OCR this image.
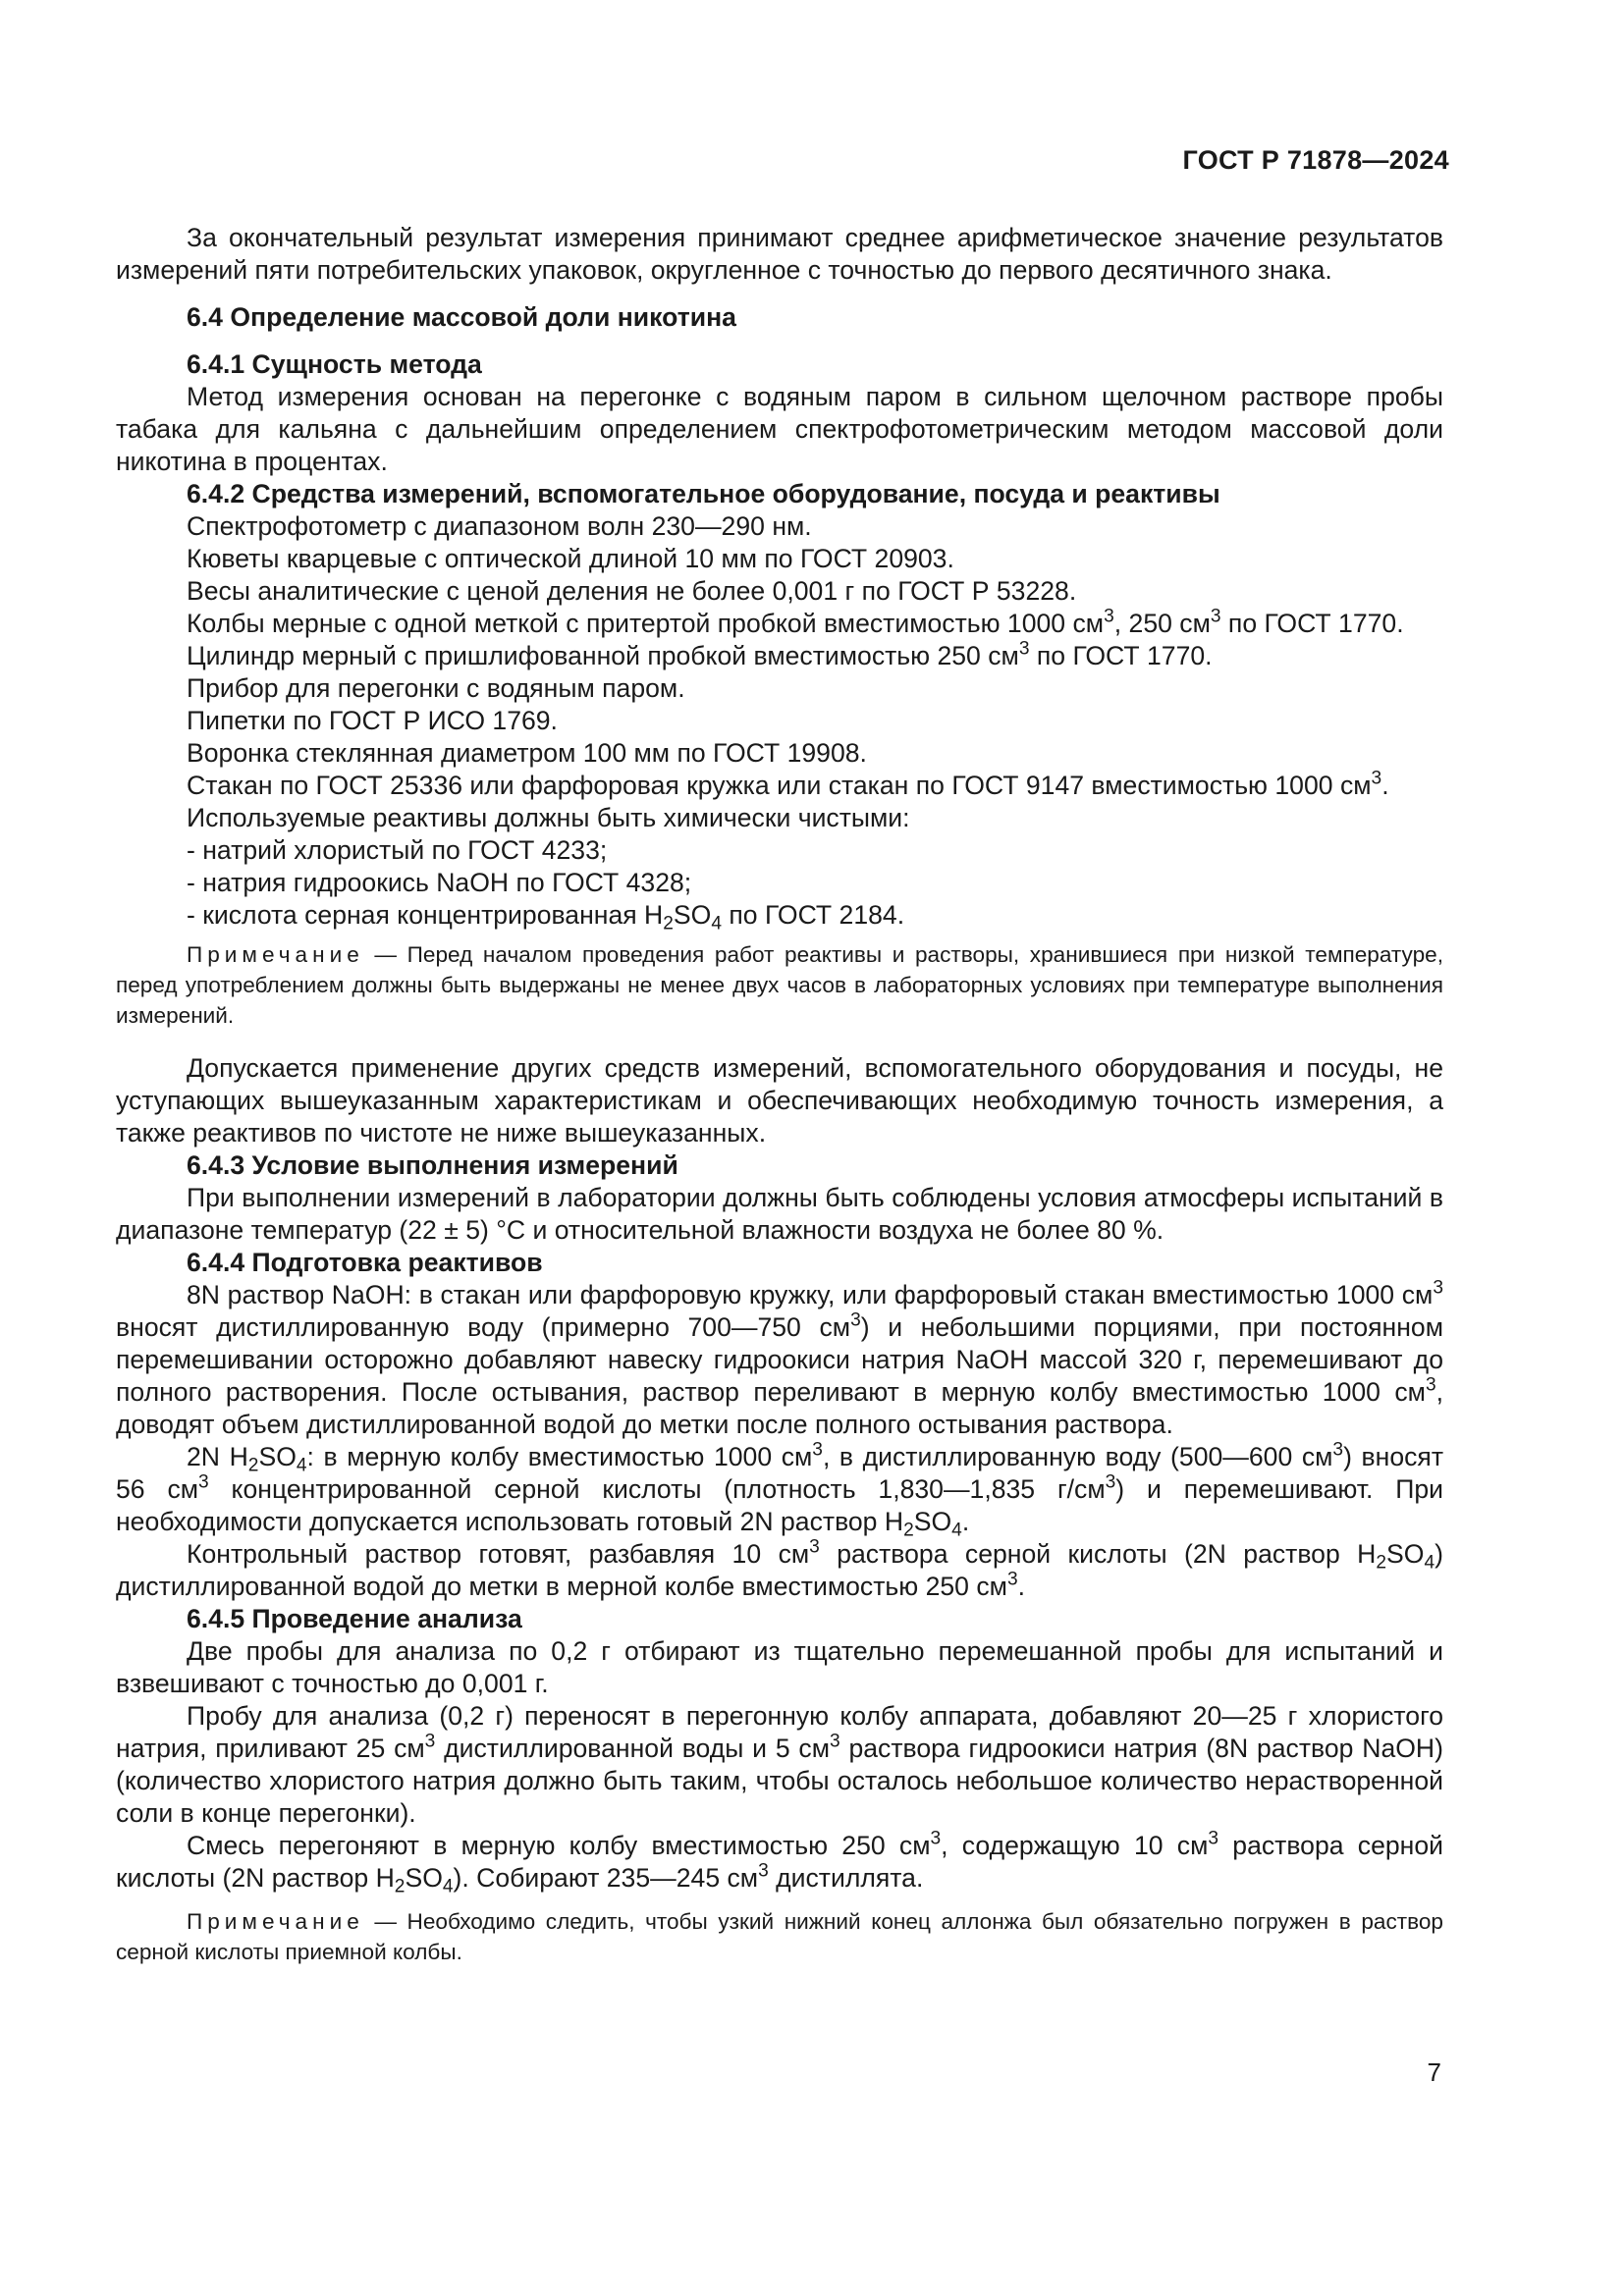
ГОСТ Р 71878—2024

За окончательный результат измерения принимают среднее арифметическое значение результатов измерений пяти потребительских упаковок, округленное с точностью до первого десятичного знака.

6.4 Определение массовой доли никотина

6.4.1 Сущность метода

Метод измерения основан на перегонке с водяным паром в сильном щелочном растворе пробы табака для кальяна с дальнейшим определением спектрофотометрическим методом массовой доли никотина в процентах.

6.4.2 Средства измерений, вспомогательное оборудование, посуда и реактивы

Спектрофотометр с диапазоном волн 230—290 нм.

Кюветы кварцевые с оптической длиной 10 мм по ГОСТ 20903.

Весы аналитические с ценой деления не более 0,001 г по ГОСТ Р 53228.

Колбы мерные с одной меткой с притертой пробкой вместимостью 1000 $см^3$, 250 $см^3$ по ГОСТ 1770.

Цилиндр мерный с пришлифованной пробкой вместимостью 250 $см^3$ по ГОСТ 1770.

Прибор для перегонки с водяным паром.

Пипетки по ГОСТ Р ИСО 1769.

Воронка стеклянная диаметром 100 мм по ГОСТ 19908.

Стакан по ГОСТ 25336 или фарфоровая кружка или стакан по ГОСТ 9147 вместимостью 1000 $см^3$.

Используемые реактивы должны быть химически чистыми:

- натрий хлористый по ГОСТ 4233;

- натрия гидроокись NaOH по ГОСТ 4328;

- кислота серная концентрированная $H_2SO_4$ по ГОСТ 2184.

Примечание — Перед началом проведения работ реактивы и растворы, хранившиеся при низкой температуре, перед употреблением должны быть выдержаны не менее двух часов в лабораторных условиях при температуре выполнения измерений.

Допускается применение других средств измерений, вспомогательного оборудования и посуды, не уступающих вышеуказанным характеристикам и обеспечивающих необходимую точность измерения, а также реактивов по чистоте не ниже вышеуказанных.

6.4.3 Условие выполнения измерений

При выполнении измерений в лаборатории должны быть соблюдены условия атмосферы испытаний в диапазоне температур (22 ± 5) °С и относительной влажности воздуха не более 80 %.

6.4.4 Подготовка реактивов

8N раствор NaOH: в стакан или фарфоровую кружку, или фарфоровый стакан вместимостью 1000 $см^3$ вносят дистиллированную воду (примерно 700—750 $см^3$) и небольшими порциями, при постоянном перемешивании осторожно добавляют навеску гидроокиси натрия NaOH массой 320 г, перемешивают до полного растворения. После остывания, раствор переливают в мерную колбу вместимостью 1000 $см^3$, доводят объем дистиллированной водой до метки после полного остывания раствора.

2N $H_2SO_4$: в мерную колбу вместимостью 1000 $см^3$, в дистиллированную воду (500—600 $см^3$) вносят 56 $см^3$ концентрированной серной кислоты (плотность 1,830—1,835 $г/см^3$) и перемешивают. При необходимости допускается использовать готовый 2N раствор $H_2SO_4$.

Контрольный раствор готовят, разбавляя 10 $см^3$ раствора серной кислоты (2N раствор $H_2SO_4$) дистиллированной водой до метки в мерной колбе вместимостью 250 $см^3$.

6.4.5 Проведение анализа

Две пробы для анализа по 0,2 г отбирают из тщательно перемешанной пробы для испытаний и взвешивают с точностью до 0,001 г.

Пробу для анализа (0,2 г) переносят в перегонную колбу аппарата, добавляют 20—25 г хлористого натрия, приливают 25 $см^3$ дистиллированной воды и 5 $см^3$ раствора гидроокиси натрия (8N раствор NaOH) (количество хлористого натрия должно быть таким, чтобы осталось небольшое количество нерастворенной соли в конце перегонки).

Смесь перегоняют в мерную колбу вместимостью 250 $см^3$, содержащую 10 $см^3$ раствора серной кислоты (2N раствор $H_2SO_4$). Собирают 235—245 $см^3$ дистиллята.

Примечание — Необходимо следить, чтобы узкий нижний конец аллонжа был обязательно погружен в раствор серной кислоты приемной колбы.

7
